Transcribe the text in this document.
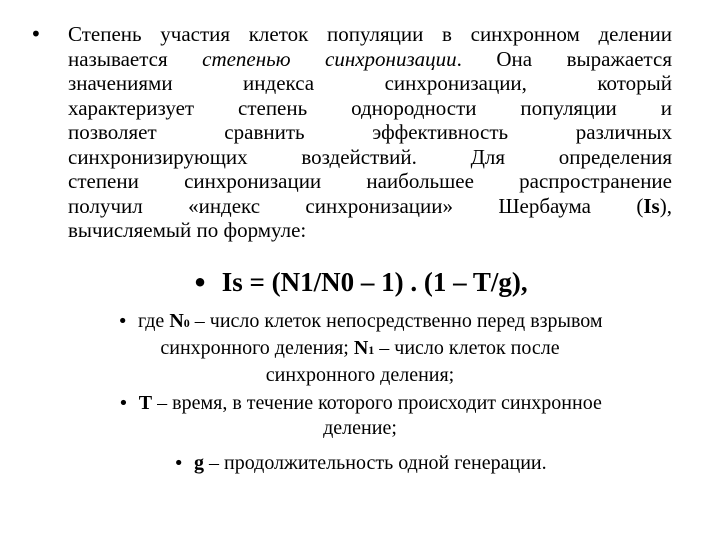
• Степень участия клеток популяции в синхронном делении
называется степенью синхронизации. Она выражается
значениями	индекса	синхронизации,	который
характеризует степень однородности популяции и
позволяет	сравнить	эффективность	различных
синхронизирующих	воздействий.	Для	определения
степени синхронизации наибольшее распространение
получил «индекс синхронизации» Шербаума (Is),
вычисляемый по формуле:
• Is = (N1/N0 – 1) . (1 – T/g),
• где N0 – число клеток непосредственно перед взрывом
синхронного деления; N1 – число клеток после
синхронного деления;
• Т – время, в течение которого происходит синхронное
деление;
• g – продолжительность одной генерации.
